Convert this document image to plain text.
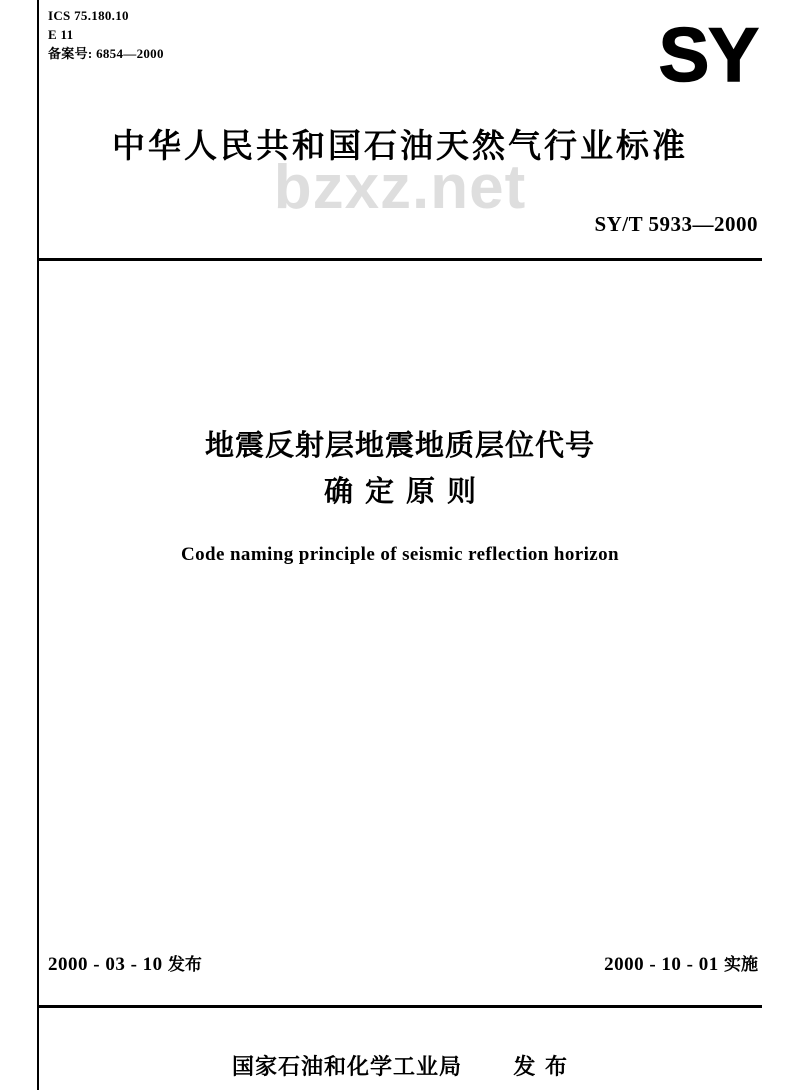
ICS 75.180.10
E 11
备案号: 6854—2000	SY
中华人民共和国石油天然气行业标准
bzxz.net
SY/T 5933—2000
地震反射层地震地质层位代号
确定原则
Code naming principle of seismic reflection horizon
2000 - 03 - 10 发布	2000 - 10 - 01 实施
国家石油和化学工业局 发 布
